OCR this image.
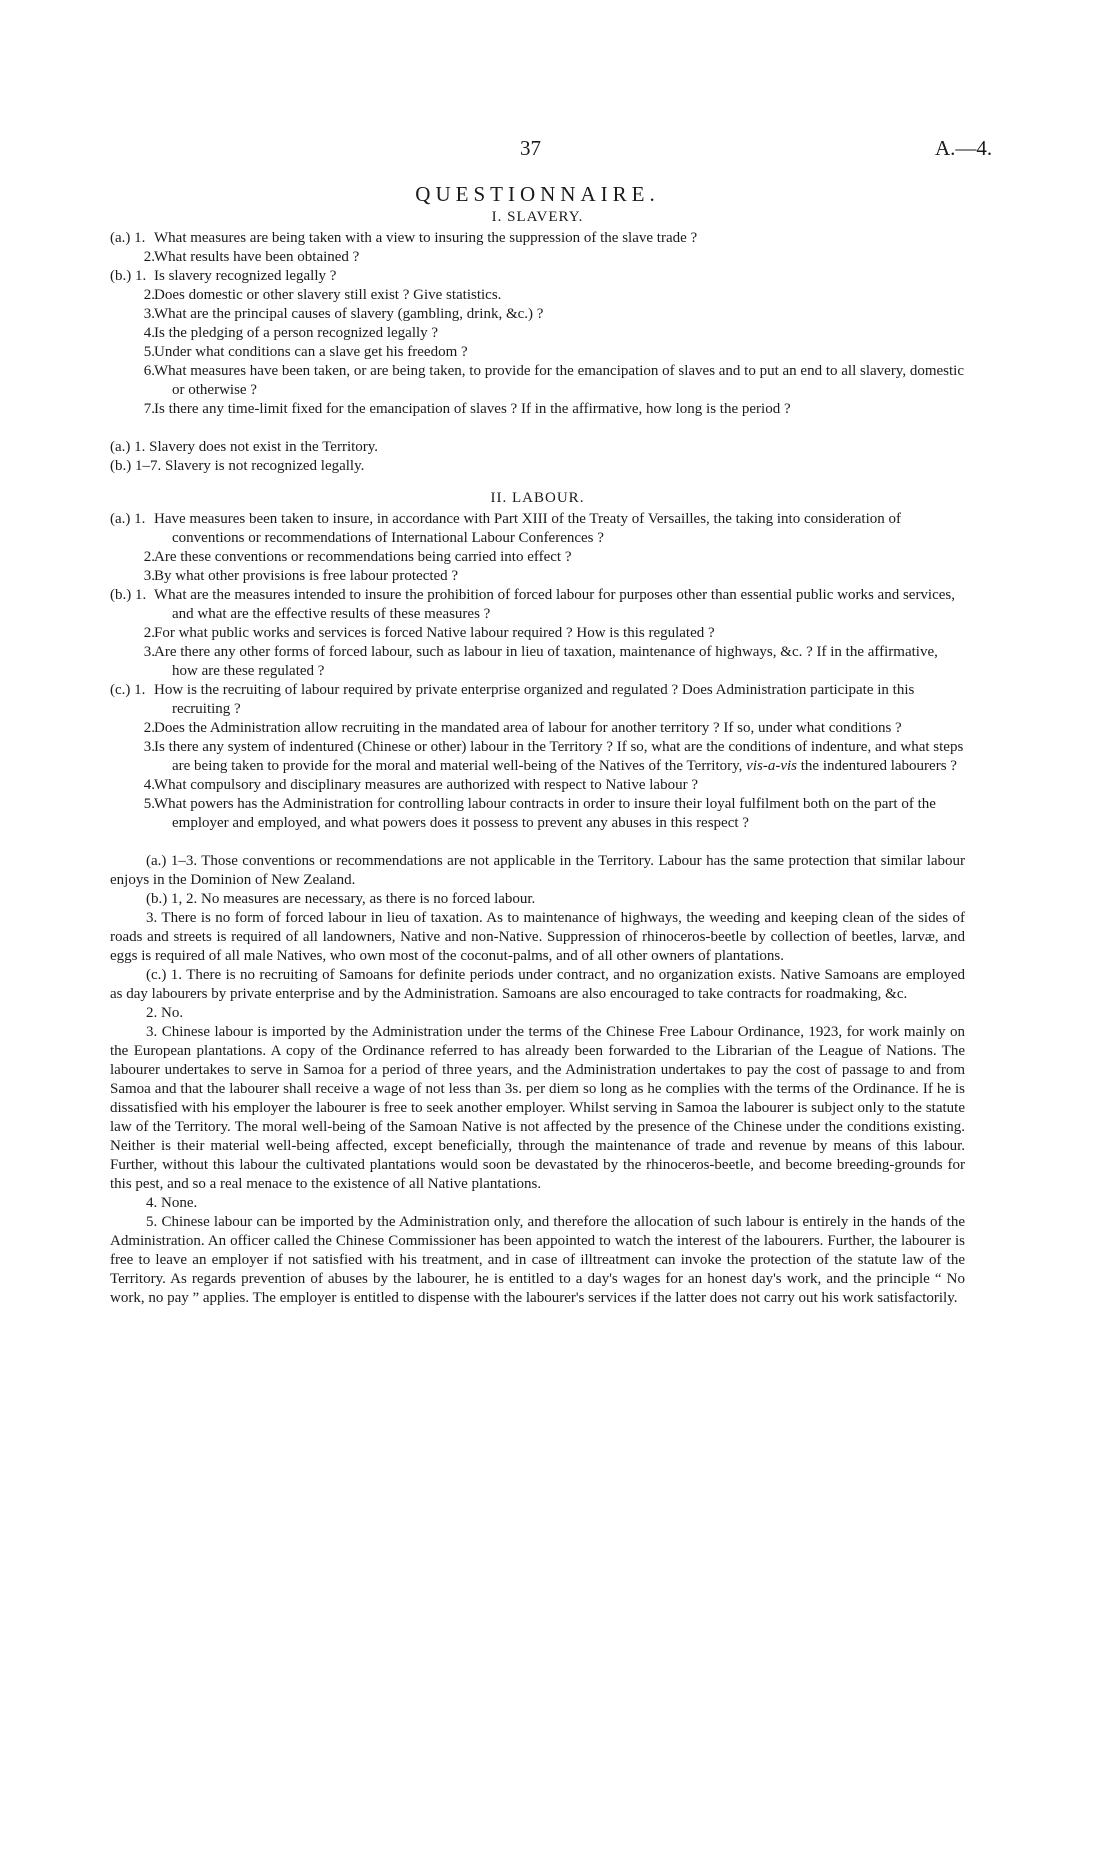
37	A.—4.
QUESTIONNAIRE.
I. SLAVERY.
(a.) 1. What measures are being taken with a view to insuring the suppression of the slave trade ?
2. What results have been obtained ?
(b.) 1. Is slavery recognized legally ?
2. Does domestic or other slavery still exist ? Give statistics.
3. What are the principal causes of slavery (gambling, drink, &c.) ?
4. Is the pledging of a person recognized legally ?
5. Under what conditions can a slave get his freedom ?
6. What measures have been taken, or are being taken, to provide for the emancipation of slaves and to put an end to all slavery, domestic or otherwise ?
7. Is there any time-limit fixed for the emancipation of slaves ? If in the affirmative, how long is the period ?
(a.) 1. Slavery does not exist in the Territory.
(b.) 1–7. Slavery is not recognized legally.
II. LABOUR.
(a.) 1. Have measures been taken to insure, in accordance with Part XIII of the Treaty of Versailles, the taking into consideration of conventions or recommendations of International Labour Conferences ?
2. Are these conventions or recommendations being carried into effect ?
3. By what other provisions is free labour protected ?
(b.) 1. What are the measures intended to insure the prohibition of forced labour for purposes other than essential public works and services, and what are the effective results of these measures ?
2. For what public works and services is forced Native labour required ? How is this regulated ?
3. Are there any other forms of forced labour, such as labour in lieu of taxation, maintenance of highways, &c. ? If in the affirmative, how are these regulated ?
(c.) 1. How is the recruiting of labour required by private enterprise organized and regulated ? Does Administration participate in this recruiting ?
2. Does the Administration allow recruiting in the mandated area of labour for another territory ? If so, under what conditions ?
3. Is there any system of indentured (Chinese or other) labour in the Territory ? If so, what are the conditions of indenture, and what steps are being taken to provide for the moral and material well-being of the Natives of the Territory, vis-a-vis the indentured labourers ?
4. What compulsory and disciplinary measures are authorized with respect to Native labour ?
5. What powers has the Administration for controlling labour contracts in order to insure their loyal fulfilment both on the part of the employer and employed, and what powers does it possess to prevent any abuses in this respect ?

(a.) 1–3. Those conventions or recommendations are not applicable in the Territory. Labour has the same protection that similar labour enjoys in the Dominion of New Zealand.

(b.) 1, 2. No measures are necessary, as there is no forced labour.

3. There is no form of forced labour in lieu of taxation. As to maintenance of highways, the weeding and keeping clean of the sides of roads and streets is required of all landowners, Native and non-Native. Suppression of rhinoceros-beetle by collection of beetles, larvæ, and eggs is required of all male Natives, who own most of the coconut-palms, and of all other owners of plantations.

(c.) 1. There is no recruiting of Samoans for definite periods under contract, and no organization exists. Native Samoans are employed as day labourers by private enterprise and by the Administration. Samoans are also encouraged to take contracts for roadmaking, &c.

2. No.

3. Chinese labour is imported by the Administration under the terms of the Chinese Free Labour Ordinance, 1923, for work mainly on the European plantations. A copy of the Ordinance referred to has already been forwarded to the Librarian of the League of Nations. The labourer undertakes to serve in Samoa for a period of three years, and the Administration undertakes to pay the cost of passage to and from Samoa and that the labourer shall receive a wage of not less than 3s. per diem so long as he complies with the terms of the Ordinance. If he is dissatisfied with his employer the labourer is free to seek another employer. Whilst serving in Samoa the labourer is subject only to the statute law of the Territory. The moral well-being of the Samoan Native is not affected by the presence of the Chinese under the conditions existing. Neither is their material well-being affected, except beneficially, through the maintenance of trade and revenue by means of this labour. Further, without this labour the cultivated plantations would soon be devastated by the rhinoceros-beetle, and become breeding-grounds for this pest, and so a real menace to the existence of all Native plantations.

4. None.

5. Chinese labour can be imported by the Administration only, and therefore the allocation of such labour is entirely in the hands of the Administration. An officer called the Chinese Commissioner has been appointed to watch the interest of the labourers. Further, the labourer is free to leave an employer if not satisfied with his treatment, and in case of illtreatment can invoke the protection of the statute law of the Territory. As regards prevention of abuses by the labourer, he is entitled to a day's wages for an honest day's work, and the principle “ No work, no pay ” applies. The employer is entitled to dispense with the labourer's services if the latter does not carry out his work satisfactorily.
